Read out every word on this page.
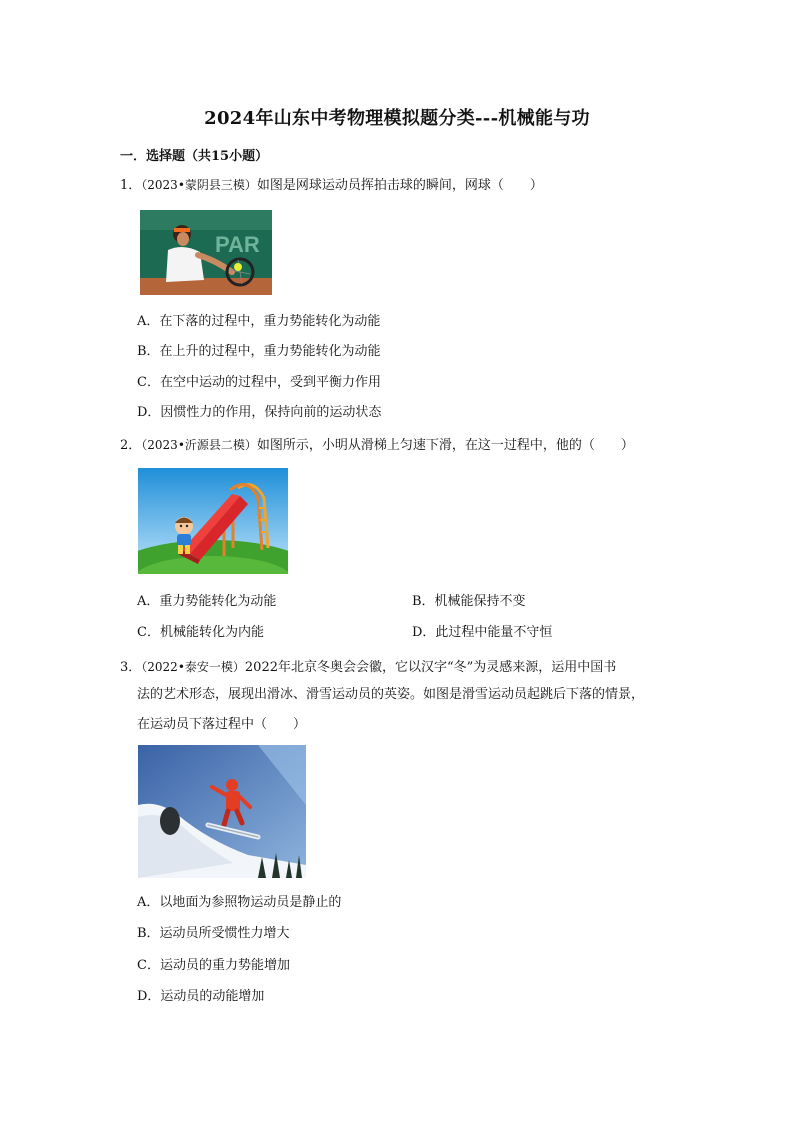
2024年山东中考物理模拟题分类---机械能与功
一．选择题（共15小题）
1．（2023•蒙阴县三模）如图是网球运动员挥拍击球的瞬间，网球（　　）
PAR
A．在下落的过程中，重力势能转化为动能
B．在上升的过程中，重力势能转化为动能
C．在空中运动的过程中，受到平衡力作用
D．因惯性力的作用，保持向前的运动状态
2．（2023•沂源县二模）如图所示，小明从滑梯上匀速下滑，在这一过程中，他的（　　）
A．重力势能转化为动能	B．机械能保持不变
C．机械能转化为内能	D．此过程中能量不守恒
3．（2022•泰安一模）2022年北京冬奥会会徽，它以汉字“冬”为灵感来源，运用中国书
法的艺术形态，展现出滑冰、滑雪运动员的英姿。如图是滑雪运动员起跳后下落的情景，
在运动员下落过程中（　　）
A．以地面为参照物运动员是静止的
B．运动员所受惯性力增大
C．运动员的重力势能增加
D．运动员的动能增加
